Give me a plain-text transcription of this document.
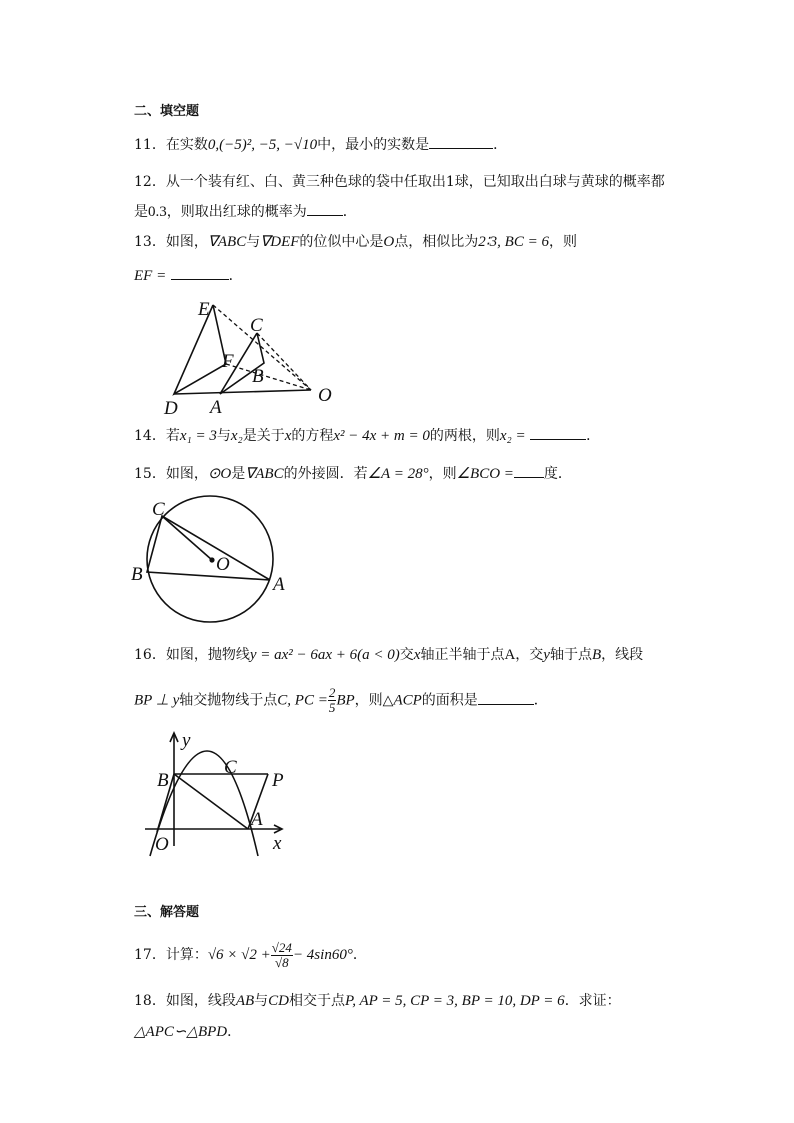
二、填空题
11．在实数0,(−5)², −5, −√10中，最小的实数是	．
12．从一个装有红、白、黄三种色球的袋中任取出1球，已知取出白球与黄球的概率都
是0.3，则取出红球的概率为	．
13．如图，∇ABC与∇DEF的位似中心是O点，相似比为2∶3, BC = 6，则
EF =	．
E
C
F
B
D A
O
14．若x₁ = 3与x₂是关于x的方程x² − 4x + m = 0的两根，则x₂ =	．
15．如图，⊙O是∇ABC的外接圆．若∠A = 28°，则∠BCO = 度．
C
O
B	A
16．如图，抛物线y = ax² − 6ax + 6(a < 0)交x轴正半轴于点A，交y轴于点B，线段
BP ⊥ y轴交抛物线于点C, PC = $\frac{2}{5}$ BP，则△ACP的面积是	．
y
B
C
P
O
A
x
三、解答题
17．计算：$√6 \times √2 + \frac{√24}{√8} - 4\sin 60^\circ$．
18．如图，线段AB与CD相交于点P, AP = 5, CP = 3, BP = 10, DP = 6．求证：
△APC∽△BPD．
